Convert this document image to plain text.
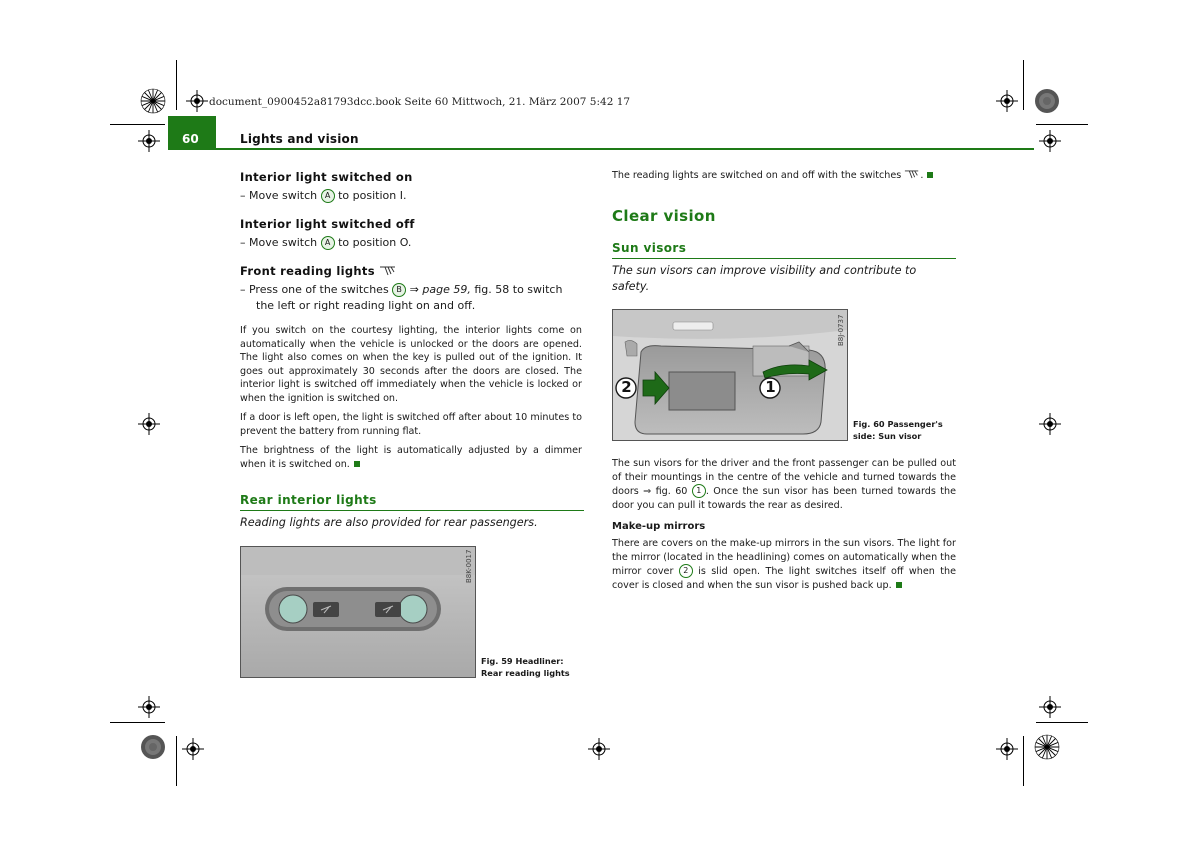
document_0900452a81793dcc.book Seite 60 Mittwoch, 21. März 2007 5:42 17
60	Lights and vision
Interior light switched on
– Move switch A to position I.
Interior light switched off
– Move switch A to position O.
Front reading lights
– Press one of the switches B ⇒ page 59, fig. 58 to switch
the left or right reading light on and off.
If you switch on the courtesy lighting, the interior lights come on automatically when the vehicle is unlocked or the doors are opened. The light also comes on when the key is pulled out of the ignition. It goes out approximately 30 seconds after the doors are closed. The interior light is switched off immediately when the vehicle is locked or when the ignition is switched on.
If a door is left open, the light is switched off after about 10 minutes to prevent the battery from running flat.
The brightness of the light is automatically adjusted by a dimmer when it is switched on.
Rear interior lights
Reading lights are also provided for rear passengers.
B8K-0017
Fig. 59 Headliner: Rear reading lights
The reading lights are switched on and off with the switches .
Clear vision
Sun visors
The sun visors can improve visibility and contribute to safety.
2	1
B8J-0737
Fig. 60 Passenger's side: Sun visor
The sun visors for the driver and the front passenger can be pulled out of their mountings in the centre of the vehicle and turned towards the doors ⇒ fig. 60 1 . Once the sun visor has been turned towards the door you can pull it towards the rear as desired.
Make-up mirrors
There are covers on the make-up mirrors in the sun visors. The light for the mirror (located in the headlining) comes on automatically when the mirror cover 2 is slid open. The light switches itself off when the cover is closed and when the sun visor is pushed back up.
